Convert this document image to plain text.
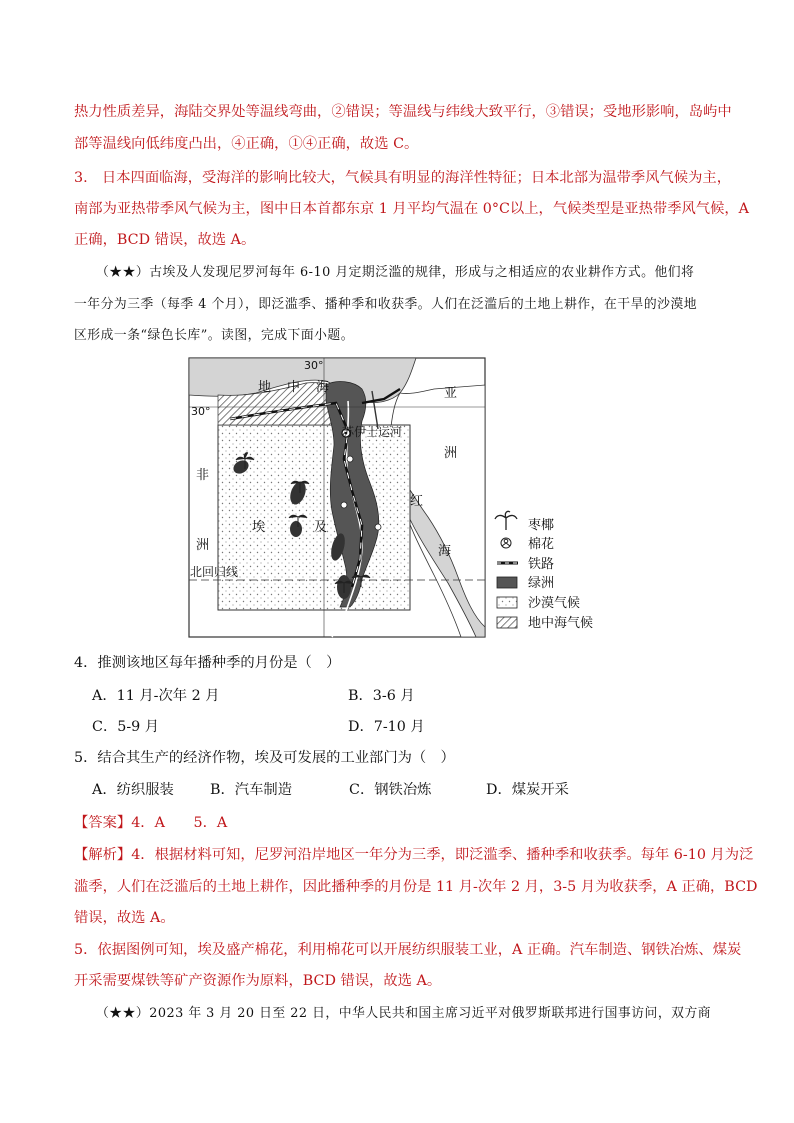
热力性质差异，海陆交界处等温线弯曲，②错误；等温线与纬线大致平行，③错误；受地形影响，岛屿中
部等温线向低纬度凸出，④正确，①④正确，故选 C。
3.　日本四面临海，受海洋的影响比较大，气候具有明显的海洋性特征；日本北部为温带季风气候为主，
南部为亚热带季风气候为主，图中日本首都东京 1 月平均气温在 0°C以上，气候类型是亚热带季风气候，A
正确，BCD 错误，故选 A。
（★★）古埃及人发现尼罗河每年 6-10 月定期泛滥的规律，形成与之相适应的农业耕作方式。他们将
一年分为三季（每季 4 个月），即泛滥季、播种季和收获季。人们在泛滥后的土地上耕作，在干旱的沙漠地
区形成一条“绿色长库”。读图，完成下面小题。
30°
30°
地 中 海	亚
洲
非
洲
埃	及
红
海
苏伊士运河
北回归线
枣椰
棉花
铁路
绿洲
沙漠气候
地中海气候
4．推测该地区每年播种季的月份是（　）
A．11 月-次年 2 月	B．3-6 月
C．5-9 月	D．7-10 月
5．结合其生产的经济作物，埃及可发展的工业部门为（　）
A．纺织服装	B．汽车制造	C．钢铁冶炼	D．煤炭开采
【答案】4．A　　5．A
【解析】4．根据材料可知，尼罗河沿岸地区一年分为三季，即泛滥季、播种季和收获季。每年 6-10 月为泛
滥季，人们在泛滥后的土地上耕作，因此播种季的月份是 11 月-次年 2 月，3-5 月为收获季，A 正确，BCD
错误，故选 A。
5．依据图例可知，埃及盛产棉花，利用棉花可以开展纺织服装工业，A 正确。汽车制造、钢铁冶炼、煤炭
开采需要煤铁等矿产资源作为原料，BCD 错误，故选 A。
（★★）2023 年 3 月 20 日至 22 日，中华人民共和国主席习近平对俄罗斯联邦进行国事访问，双方商
